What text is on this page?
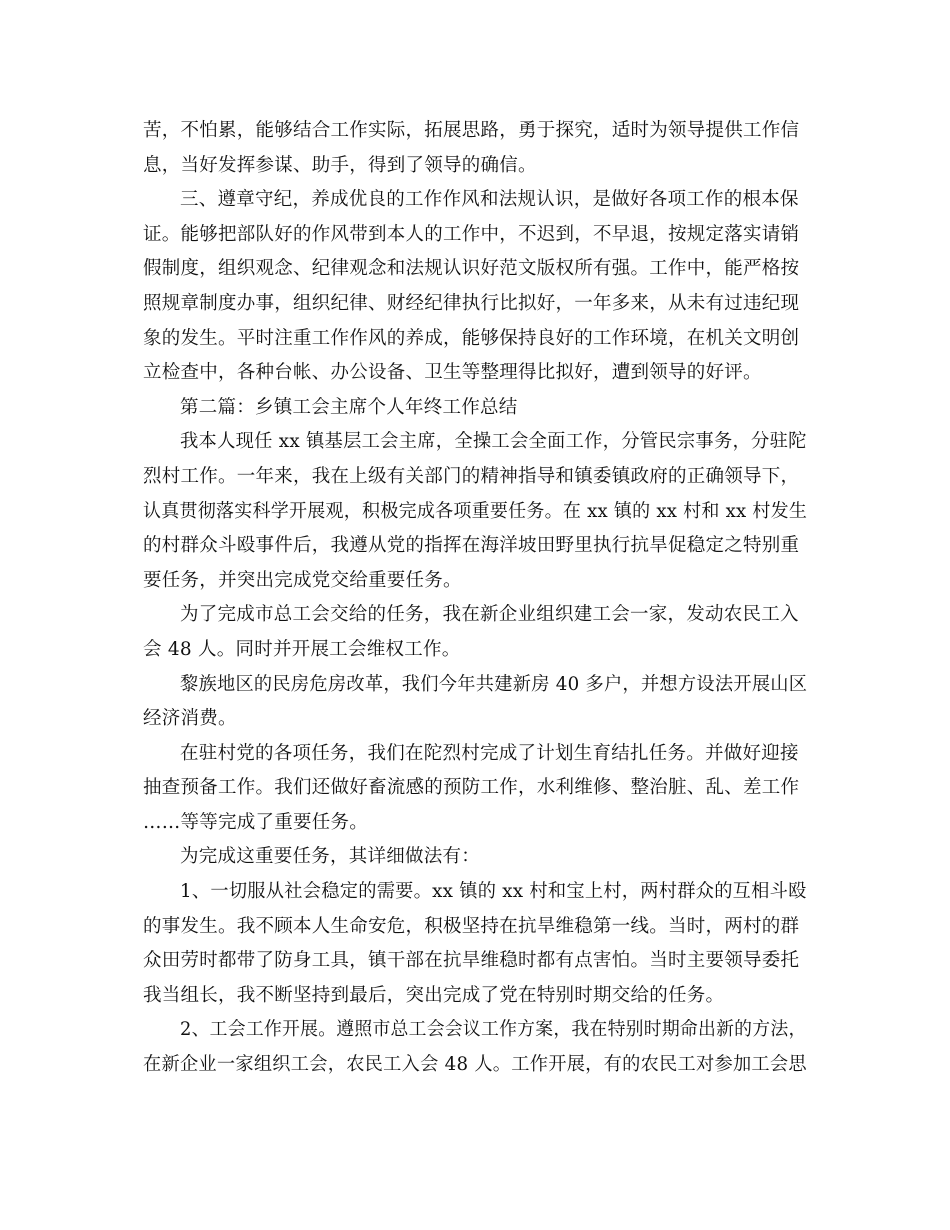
苦，不怕累，能够结合工作实际，拓展思路，勇于探究，适时为领导提供工作信
息，当好发挥参谋、助手，得到了领导的确信。
三、遵章守纪，养成优良的工作作风和法规认识，是做好各项工作的根本保
证。能够把部队好的作风带到本人的工作中，不迟到，不早退，按规定落实请销
假制度，组织观念、纪律观念和法规认识好范文版权所有强。工作中，能严格按
照规章制度办事，组织纪律、财经纪律执行比拟好，一年多来，从未有过违纪现
象的发生。平时注重工作作风的养成，能够保持良好的工作环境，在机关文明创
立检查中，各种台帐、办公设备、卫生等整理得比拟好，遭到领导的好评。
第二篇：乡镇工会主席个人年终工作总结
我本人现任 xx 镇基层工会主席，全操工会全面工作，分管民宗事务，分驻陀
烈村工作。一年来，我在上级有关部门的精神指导和镇委镇政府的正确领导下，
认真贯彻落实科学开展观，积极完成各项重要任务。在 xx 镇的 xx 村和 xx 村发生
的村群众斗殴事件后，我遵从党的指挥在海洋坡田野里执行抗旱促稳定之特别重
要任务，并突出完成党交给重要任务。
为了完成市总工会交给的任务，我在新企业组织建工会一家，发动农民工入
会 48 人。同时并开展工会维权工作。
黎族地区的民房危房改革，我们今年共建新房 40 多户，并想方设法开展山区
经济消费。
在驻村党的各项任务，我们在陀烈村完成了计划生育结扎任务。并做好迎接
抽查预备工作。我们还做好畜流感的预防工作，水利维修、整治脏、乱、差工作
……等等完成了重要任务。
为完成这重要任务，其详细做法有：
1、一切服从社会稳定的需要。xx 镇的 xx 村和宝上村，两村群众的互相斗殴
的事发生。我不顾本人生命安危，积极坚持在抗旱维稳第一线。当时，两村的群
众田劳时都带了防身工具，镇干部在抗旱维稳时都有点害怕。当时主要领导委托
我当组长，我不断坚持到最后，突出完成了党在特别时期交给的任务。
2、工会工作开展。遵照市总工会会议工作方案，我在特别时期命出新的方法，
在新企业一家组织工会，农民工入会 48 人。工作开展，有的农民工对参加工会思
